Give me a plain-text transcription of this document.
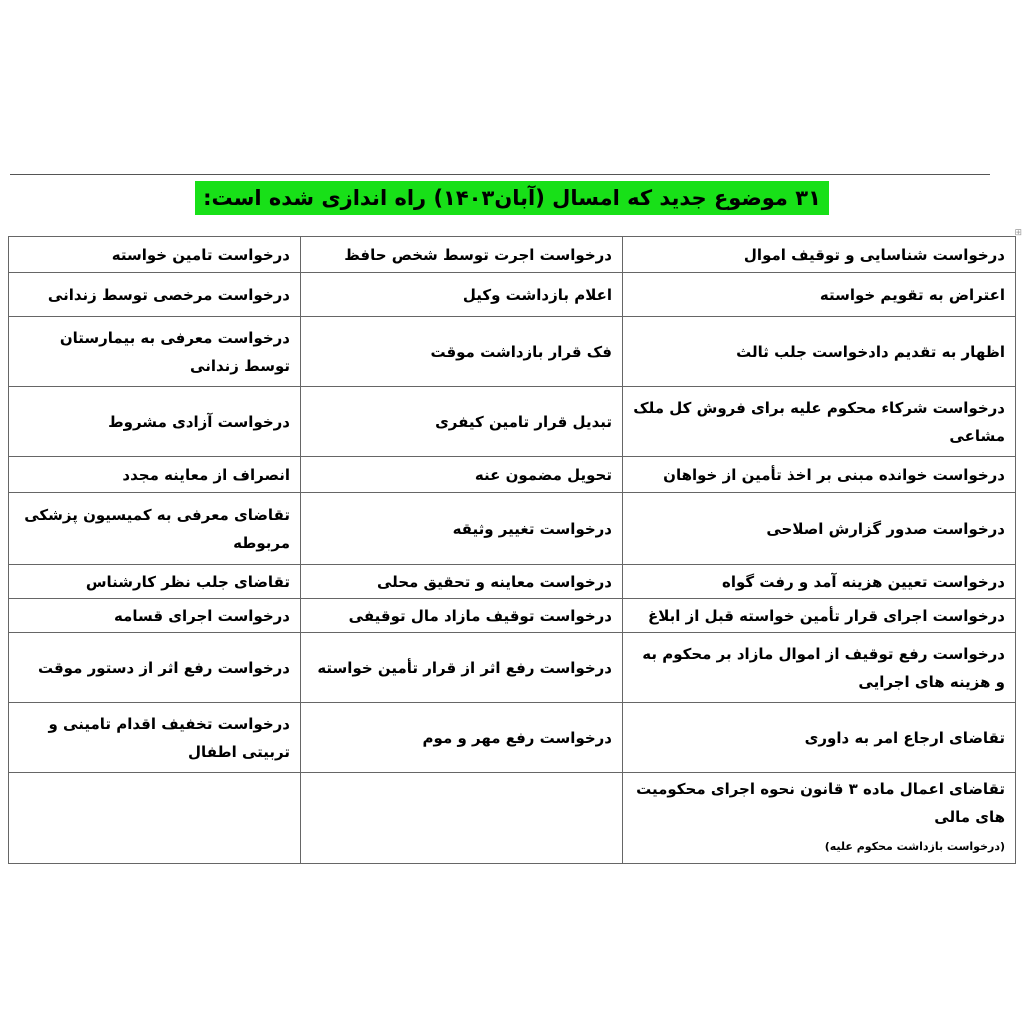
۳۱ موضوع جدید که امسال (آبان۱۴۰۳) راه اندازی شده است:
درخواست شناسایی و توقیف اموال	درخواست اجرت توسط شخص حافظ	درخواست تامین خواسته

اعتراض به تقویم خواسته	اعلام بازداشت وکیل	درخواست مرخصی توسط زندانی

اظهار به تقدیم دادخواست جلب ثالث	فک قرار بازداشت موقت	درخواست معرفی به بیمارستان توسط زندانی

درخواست شرکاء محکوم علیه برای فروش کل ملک مشاعی	تبدیل قرار تامین کیفری	درخواست آزادی مشروط

درخواست خوانده مبنی بر اخذ تأمین از خواهان	تحویل مضمون عنه	انصراف از معاینه مجدد

درخواست صدور گزارش اصلاحی	درخواست تغییر وثیقه	تقاضای معرفی به کمیسیون پزشکی مربوطه

درخواست تعیین هزینه آمد و رفت گواه	درخواست معاینه و تحقیق محلی	تقاضای جلب نظر کارشناس

درخواست اجرای قرار تأمین خواسته قبل از ابلاغ	درخواست توقیف مازاد مال توقیفی	درخواست اجرای قسامه

درخواست رفع توقیف از اموال مازاد بر محکوم به و هزینه های اجرایی	درخواست رفع اثر از قرار تأمین خواسته	درخواست رفع اثر از دستور موقت

تقاضای ارجاع امر به داوری	درخواست رفع مهر و موم	درخواست تخفیف اقدام تامینی و تربیتی اطفال

تقاضای اعمال ماده ۳ قانون نحوه اجرای محکومیت های مالی
(درخواست بازداشت محکوم علیه)	

⊞
